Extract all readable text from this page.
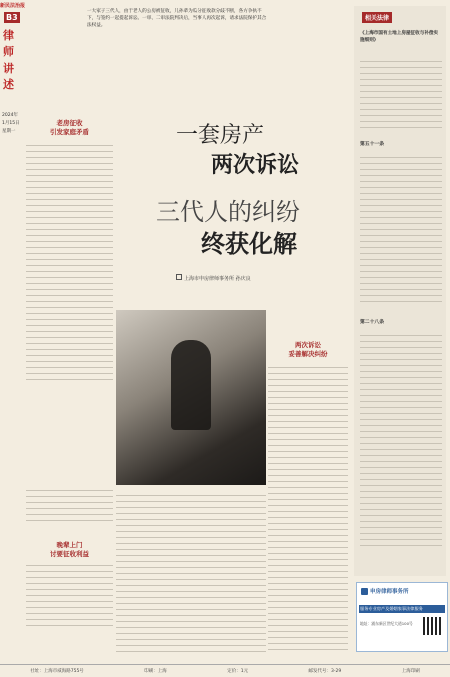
新民法治报
B3
律师
讲述
2024年
1月15日
星期一
一大家子三代人，由于老人的公房被征收，儿孙辈为瓜分征收款分歧不断，各方争执不下，与签约一起提起诉讼。一审、二审法院判决后，当事人再次起诉，请求法院保护其合法权益。
老房征收
引发家庭矛盾	一套房产
两次诉讼
三代人的纠纷
终获化解
上海市申房律师事务所 孙庆良
两次诉讼
妥善解决纠纷
晚辈上门
讨要征收利益
相关法律
《上海市国有土地上房屋征收与补偿实施细则》
第五十一条
第二十八条
申房律师事务所
服务专业房产及婚姻家事法律服务
地址：浦东新区世纪大道100号
社址：上海市威海路755号	印刷：上海	定价：1元	邮发代号：3-29	上海印刷
